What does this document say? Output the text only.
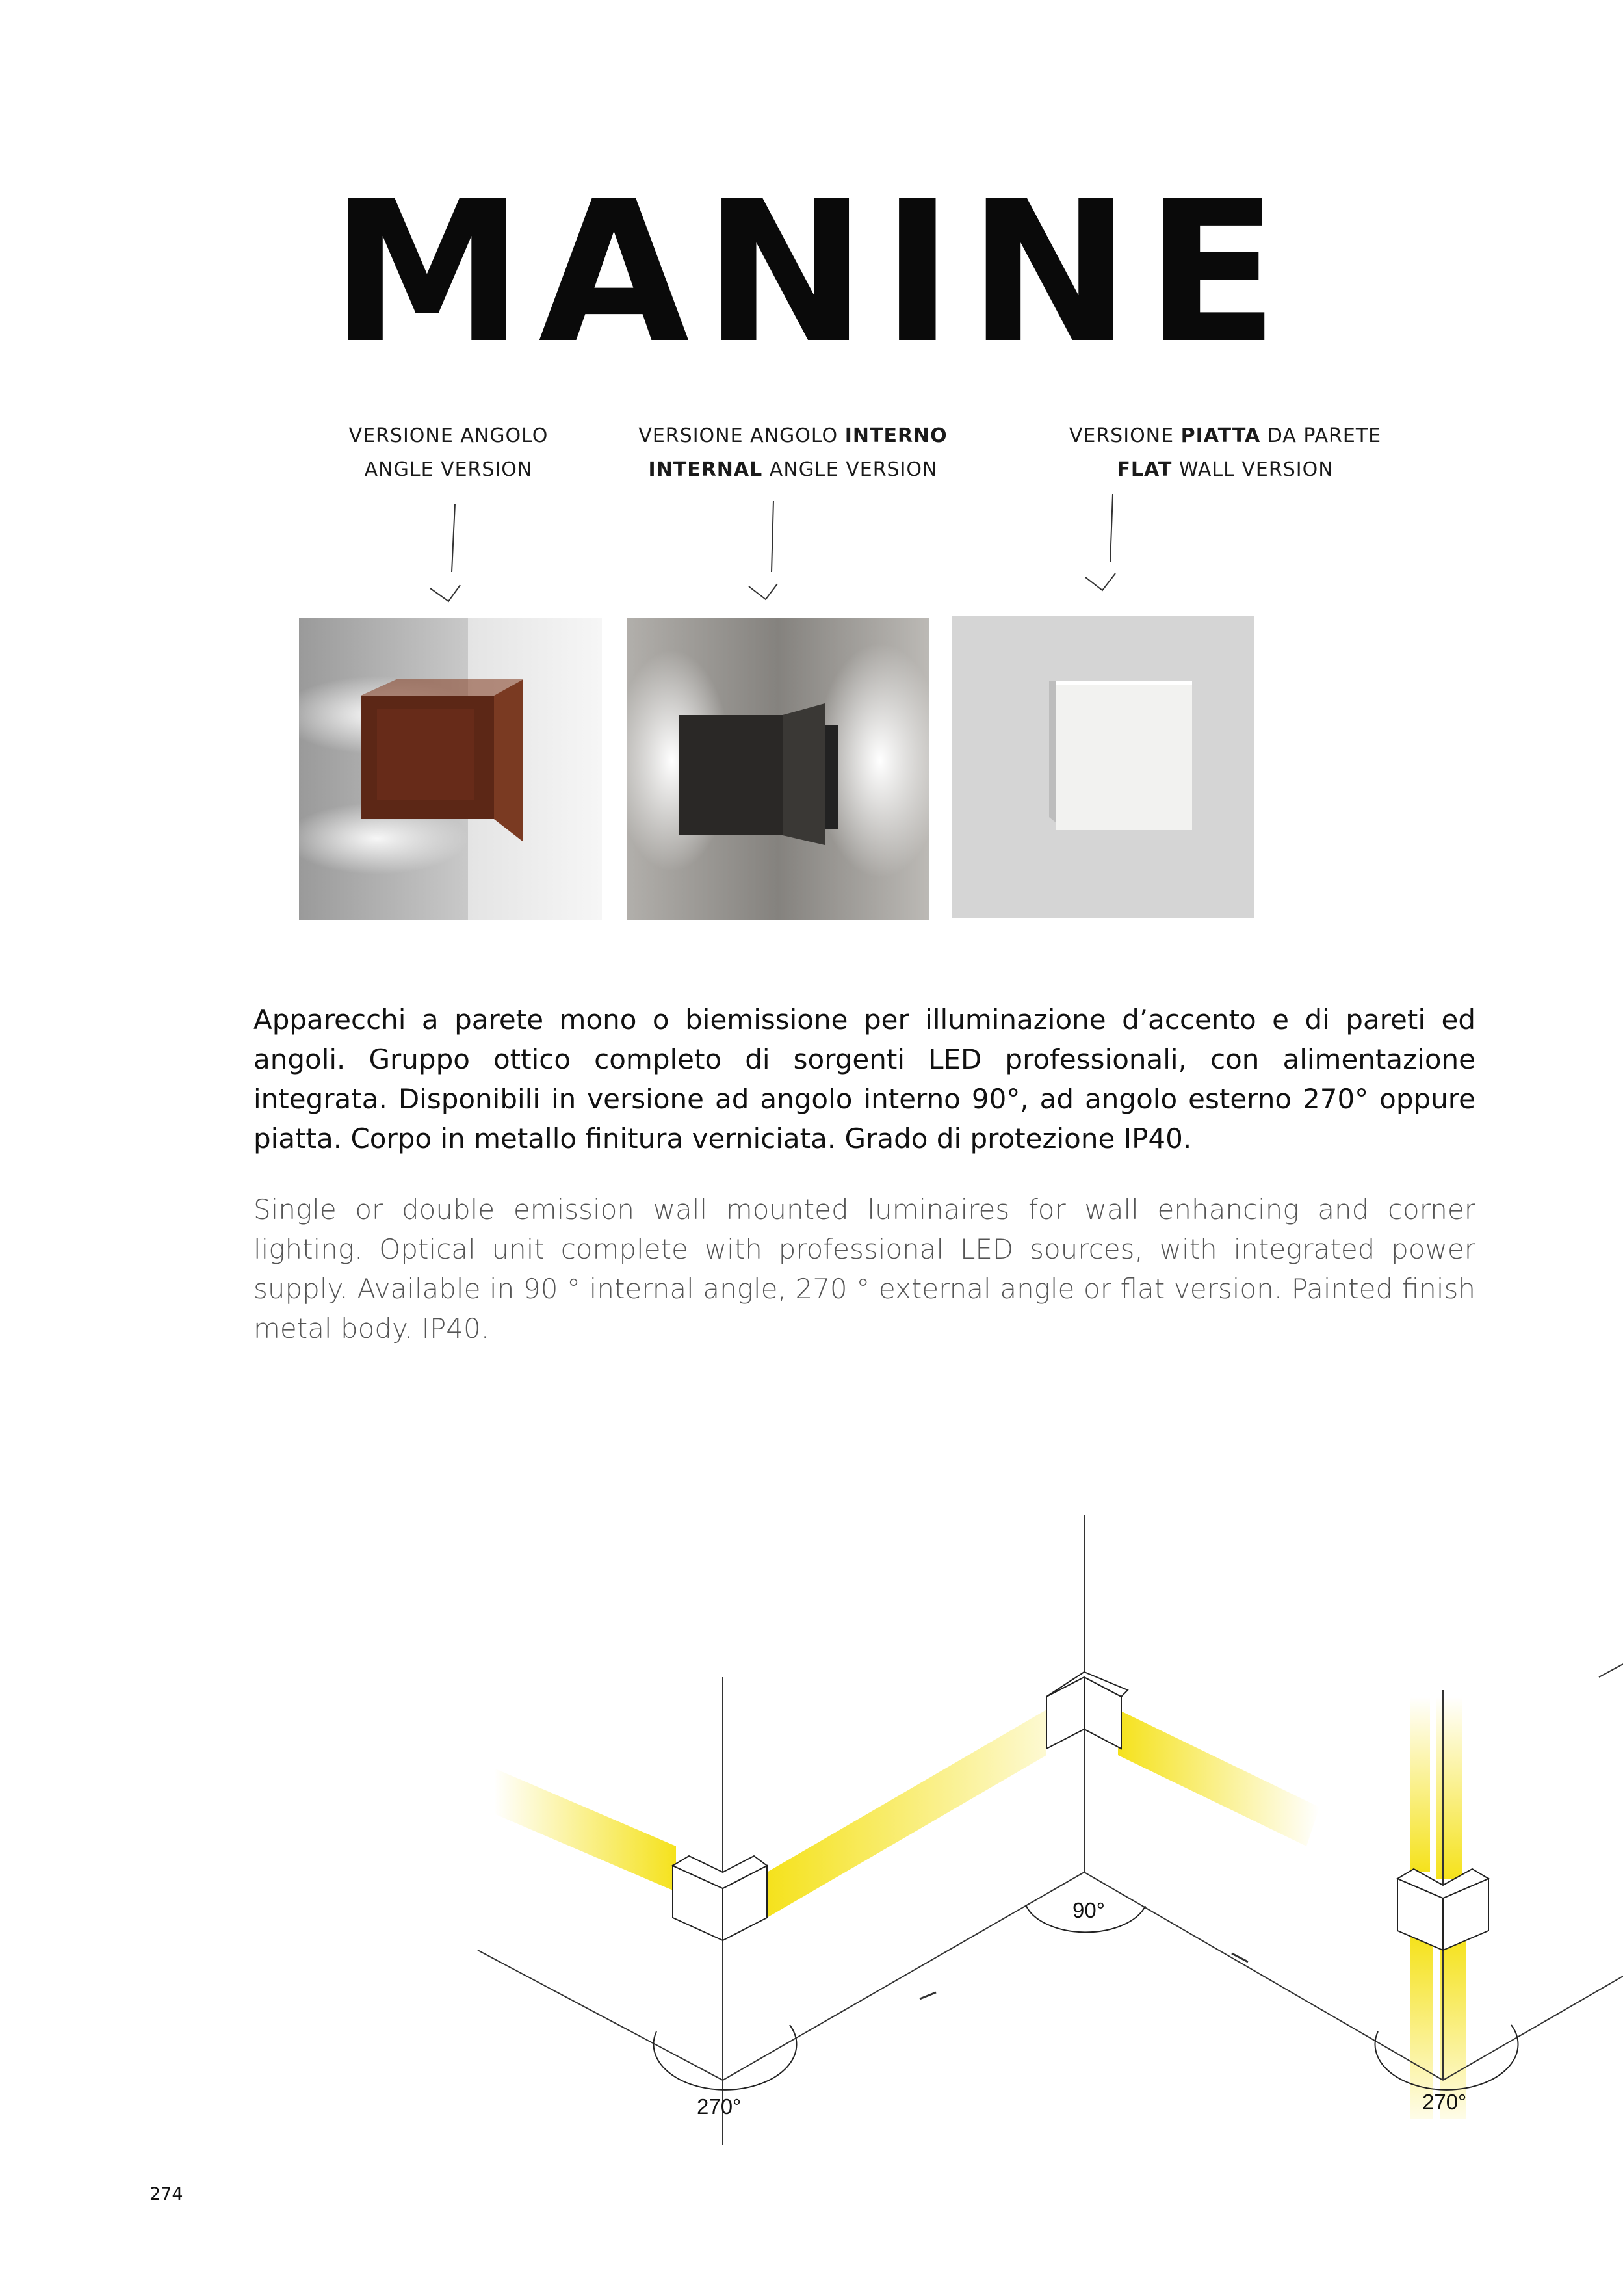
MANINE
VERSIONE ANGOLO
ANGLE VERSION
VERSIONE ANGOLO INTERNO
INTERNAL ANGLE VERSION
VERSIONE PIATTA DA PARETE
FLAT WALL VERSION

Apparecchi a parete mono o biemissione per illuminazione d’accento e di pareti ed angoli. Gruppo ottico completo di sorgenti LED professionali, con alimentazione integrata. Disponibili in versione ad angolo interno 90°, ad angolo esterno 270° oppure piatta. Corpo in metallo finitura verniciata. Grado di protezione IP40.

Single or double emission wall mounted luminaires for wall enhancing and corner lighting. Optical unit complete with professional LED sources, with integrated power supply. Available in 90 ° internal angle, 270 ° external angle or flat version. Painted finish metal body. IP40.

270°
90°
270°
274
